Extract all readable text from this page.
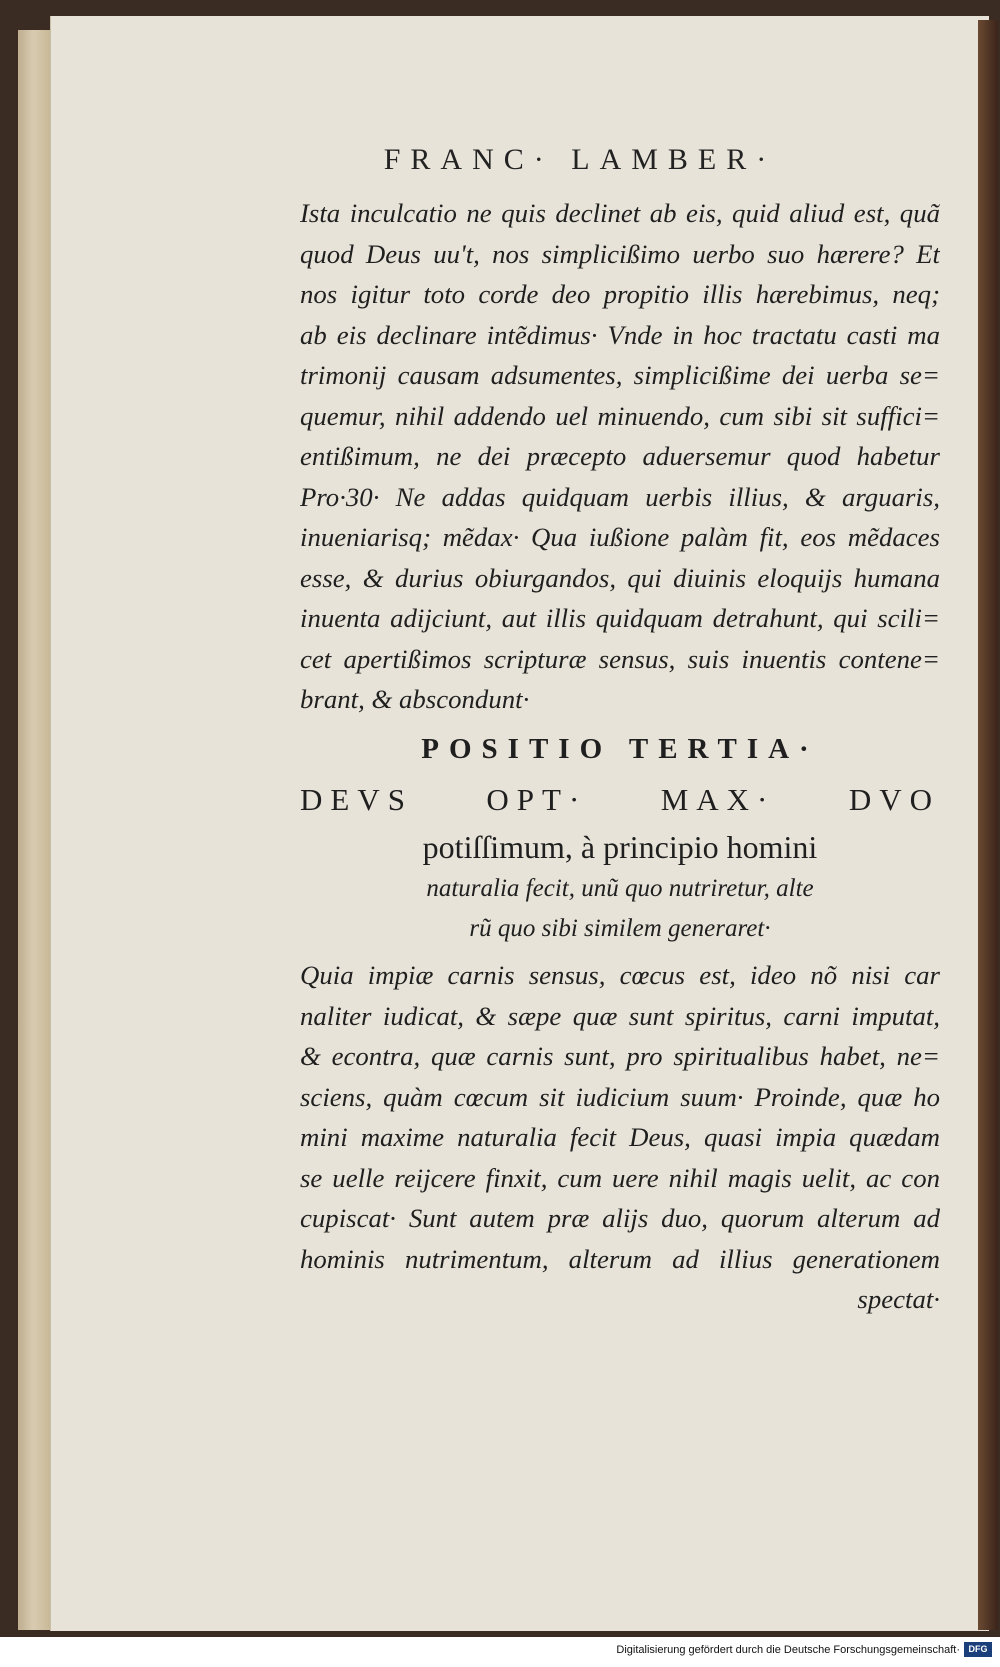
FRANC· LAMBER·
Ista inculcatio ne quis declinet ab eis, quid aliud est, quã
quod Deus uu't, nos simplicißimo uerbo suo hærere? Et
nos igitur toto corde deo propitio illis hærebimus, neq;
ab eis declinare intẽdimus· Vnde in hoc tractatu casti ma
trimonij causam adsumentes, simplicißime dei uerba se=
quemur, nihil addendo uel minuendo, cum sibi sit suffici=
entißimum, ne dei præcepto aduersemur quod habetur
Pro·30· Ne addas quidquam uerbis illius, & arguaris,
inueniarisq; mẽdax· Qua iußione palàm fit, eos mẽdaces
esse, & durius obiurgandos, qui diuinis eloquijs humana
inuenta adijciunt, aut illis quidquam detrahunt, qui scili=
cet apertißimos scripturæ sensus, suis inuentis contene=
brant, & abscondunt·
POSITIO TERTIA·
DEVS OPT· MAX· DVO
potiſſimum, à principio homini
naturalia fecit, unũ quo nutriretur, alte
rũ quo sibi similem generaret·
Quia impiæ carnis sensus, cœcus est, ideo nõ nisi car
naliter iudicat, & sæpe quæ sunt spiritus, carni imputat,
& econtra, quæ carnis sunt, pro spiritualibus habet, ne=
sciens, quàm cœcum sit iudicium suum· Proinde, quæ ho
mini maxime naturalia fecit Deus, quasi impia quædam
se uelle reijcere finxit, cum uere nihil magis uelit, ac con
cupiscat· Sunt autem præ alijs duo, quorum alterum ad
hominis nutrimentum, alterum ad illius generationem
spectat·
Digitalisierung gefördert durch die Deutsche Forschungsgemeinschaft· DFG
